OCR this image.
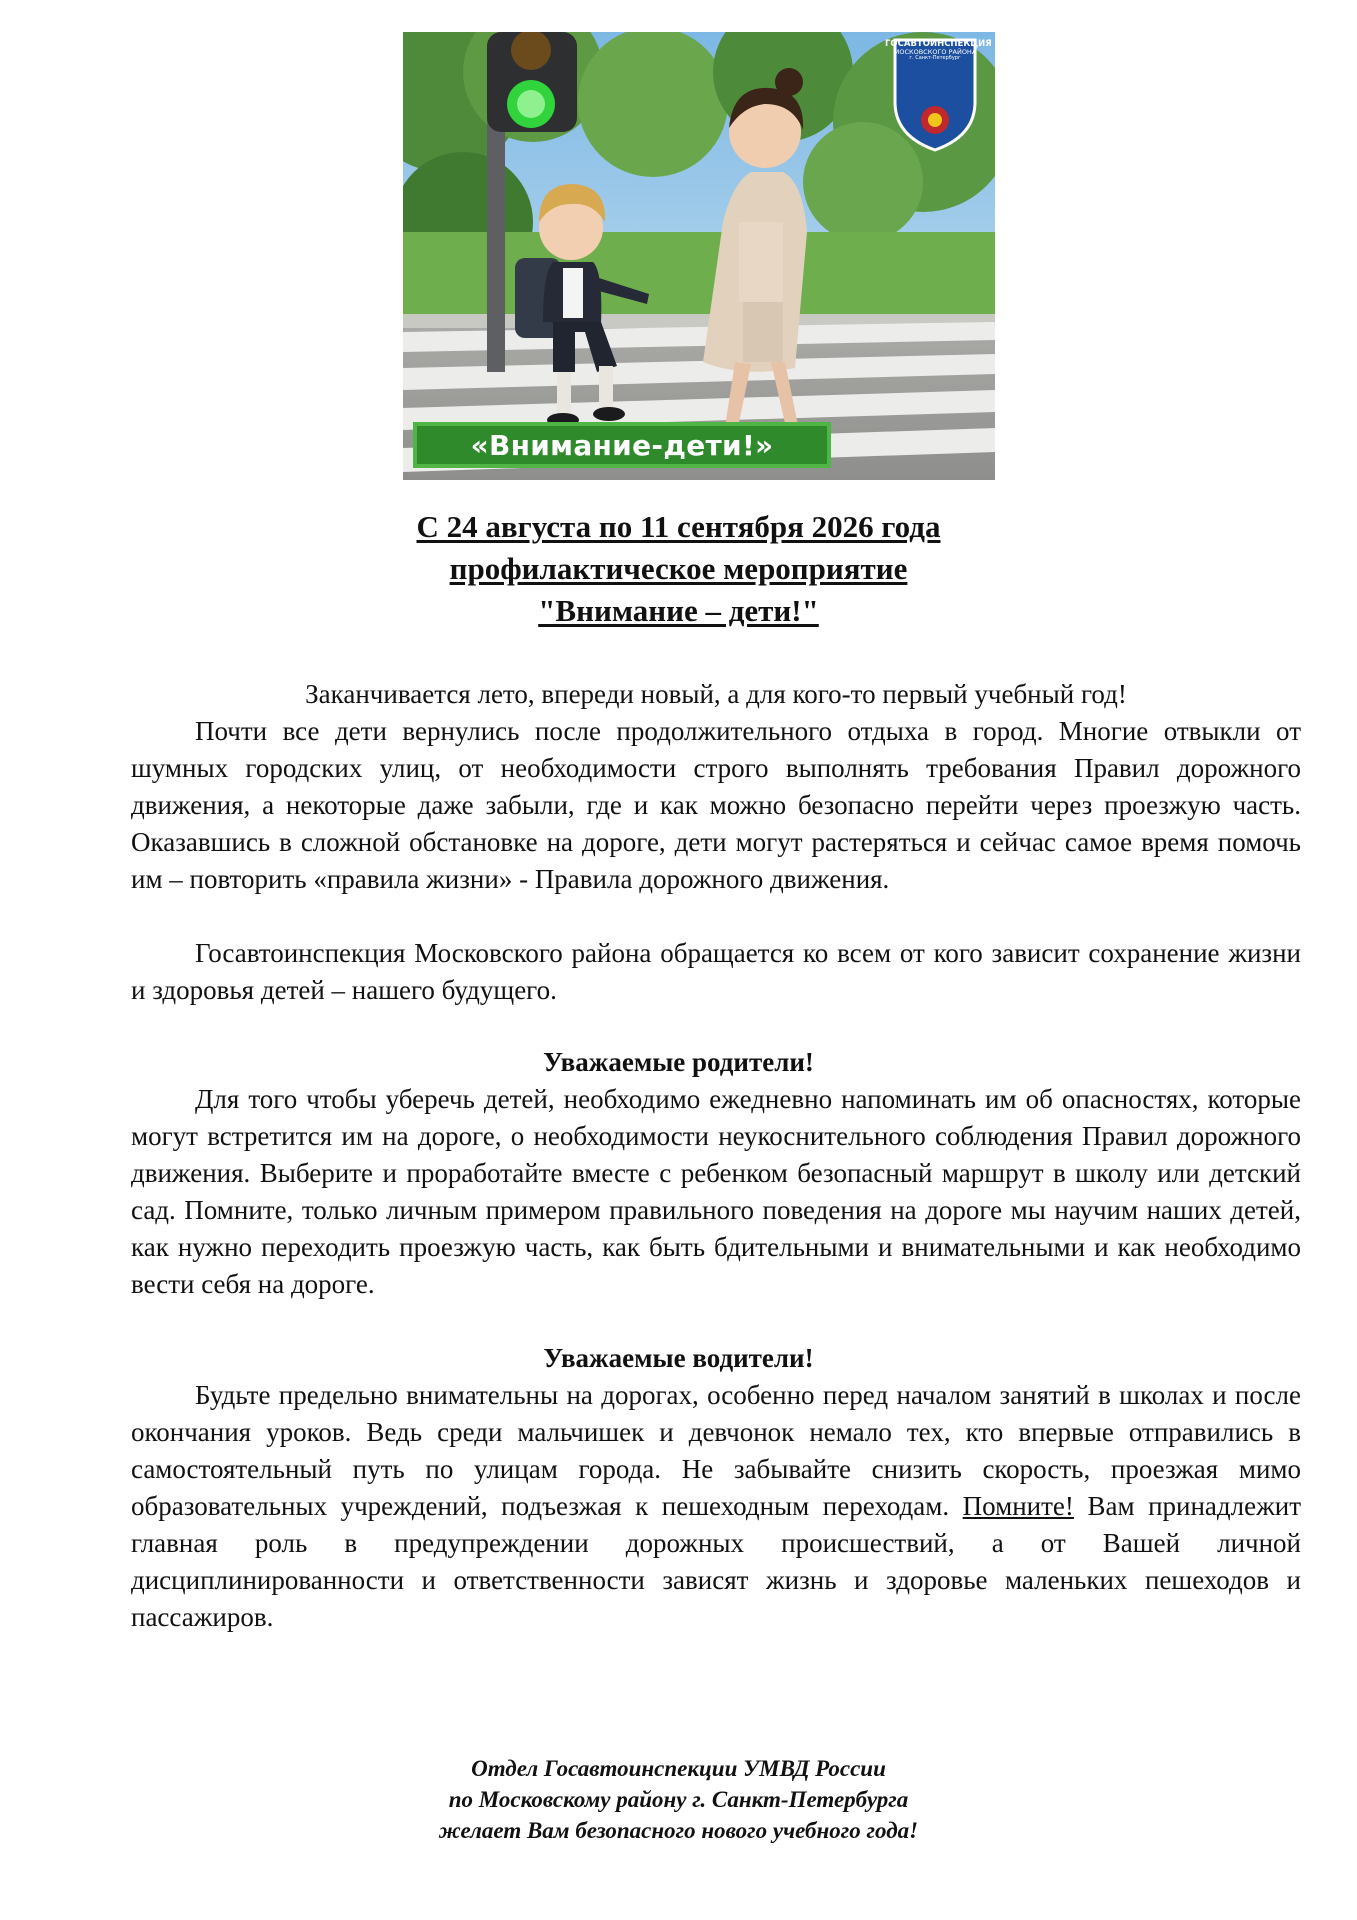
ГОСАВТОИНСПЕКЦИЯ
МОСКОВСКОГО РАЙОНА
г. Санкт-Петербург
«Внимание-дети!»
С 24 августа по 11 сентября 2026 года
профилактическое мероприятие
"Внимание – дети!"
Заканчивается лето, впереди новый, а для кого-то первый учебный год!

Почти все дети вернулись после продолжительного отдыха в город. Многие отвыкли от шумных городских улиц, от необходимости строго выполнять требования Правил дорожного движения, а некоторые даже забыли, где и как можно безопасно перейти через проезжую часть. Оказавшись в сложной обстановке на дороге, дети могут растеряться и сейчас самое время помочь им – повторить «правила жизни» - Правила дорожного движения.

Госавтоинспекция Московского района обращается ко всем от кого зависит сохранение жизни и здоровья детей – нашего будущего.

Уважаемые родители!

Для того чтобы уберечь детей, необходимо ежедневно напоминать им об опасностях, которые могут встретится им на дороге, о необходимости неукоснительного соблюдения Правил дорожного движения. Выберите и проработайте вместе с ребенком безопасный маршрут в школу или детский сад. Помните, только личным примером правильного поведения на дороге мы научим наших детей, как нужно переходить проезжую часть, как быть бдительными и внимательными и как необходимо вести себя на дороге.

Уважаемые водители!

Будьте предельно внимательны на дорогах, особенно перед началом занятий в школах и после окончания уроков. Ведь среди мальчишек и девчонок немало тех, кто впервые отправились в самостоятельный путь по улицам города. Не забывайте снизить скорость, проезжая мимо образовательных учреждений, подъезжая к пешеходным переходам. Помните! Вам принадлежит главная роль в предупреждении дорожных происшествий, а от Вашей личной дисциплинированности и ответственности зависят жизнь и здоровье маленьких пешеходов и пассажиров.

Отдел Госавтоинспекции УМВД России
по Московскому району г. Санкт-Петербурга
желает Вам безопасного нового учебного года!
